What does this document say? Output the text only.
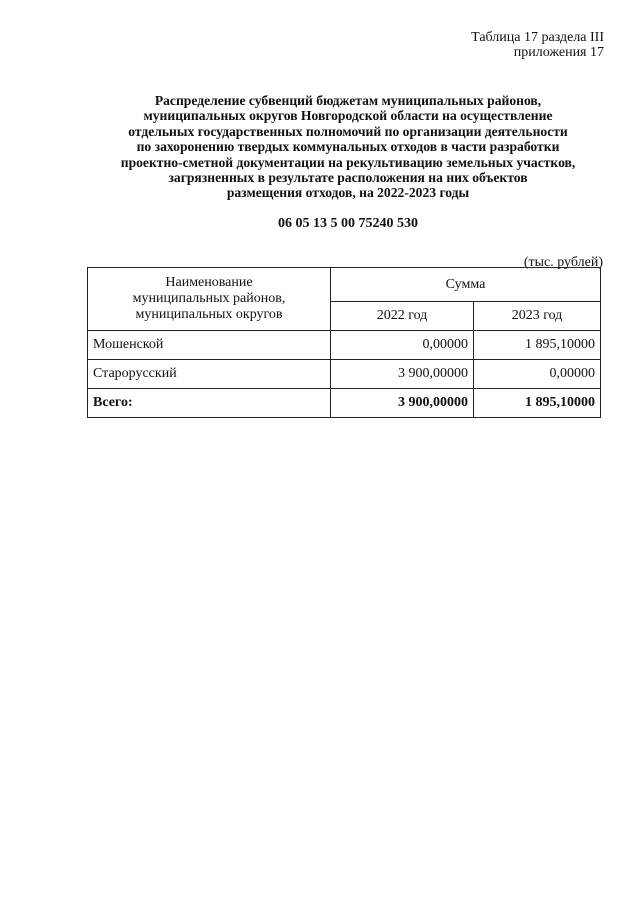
Таблица 17 раздела III
приложения 17
Распределение субвенций бюджетам муниципальных районов,
муниципальных округов Новгородской области на осуществление
отдельных государственных полномочий по организации деятельности
по захоронению твердых коммунальных отходов в части разработки
проектно-сметной документации на рекультивацию земельных участков,
загрязненных в результате расположения на них объектов
размещения отходов, на 2022-2023 годы
06 05 13 5 00 75240 530
(тыс. рублей)
Наименование
муниципальных районов,
муниципальных округов	Сумма	
	2022 год	2023 год
Мошенской	0,00000	1 895,10000
Старорусский	3 900,00000	0,00000
Всего:	3 900,00000	1 895,10000
